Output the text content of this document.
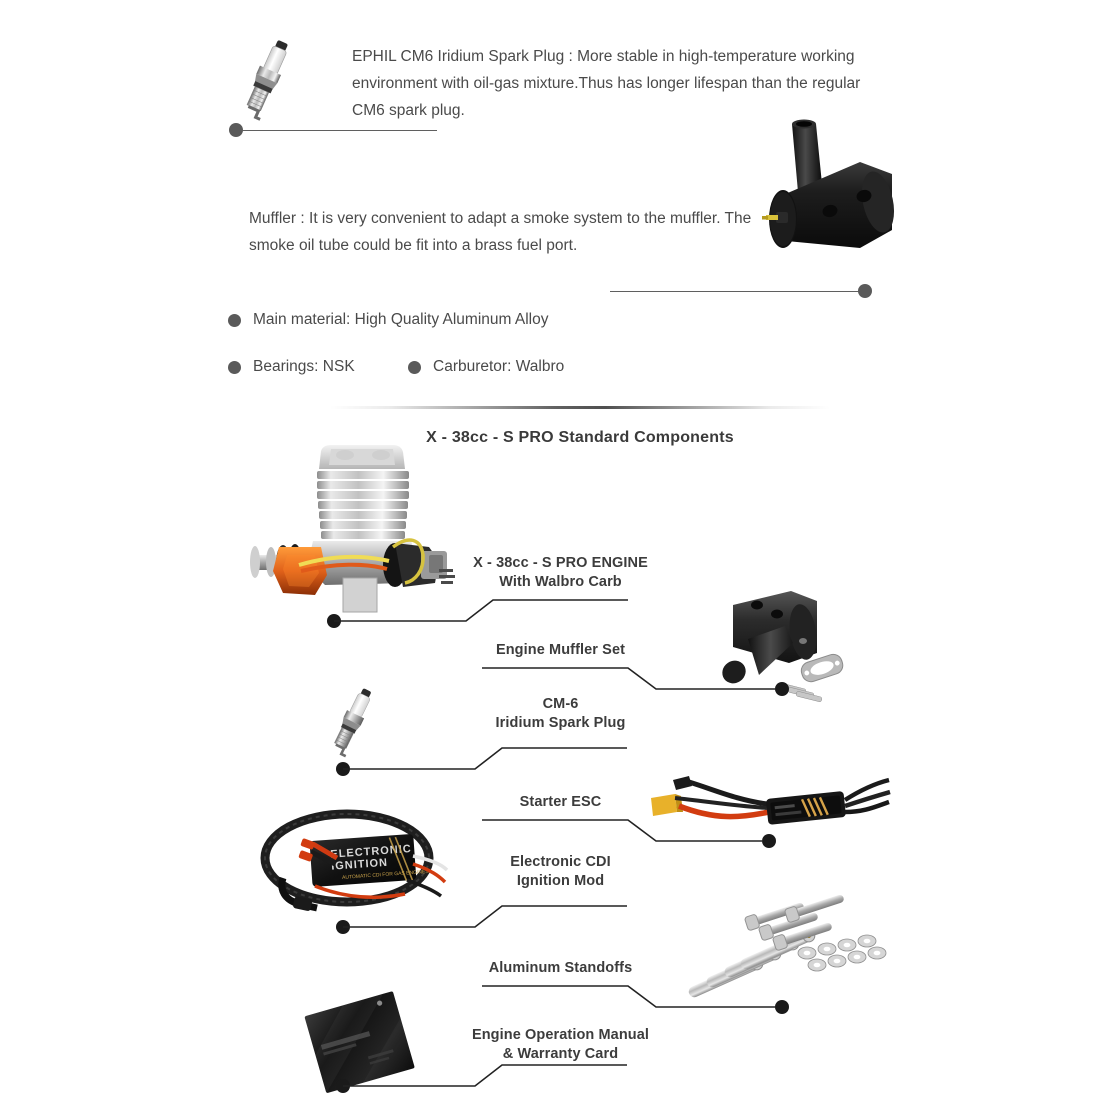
EPHIL CM6 Iridium Spark Plug : More stable in high-temperature working environment with oil-gas mixture.Thus has longer lifespan than the regular CM6 spark plug.
Muffler : It is very convenient to adapt a smoke system to the muffler. The smoke oil tube could be fit into a brass fuel port.
Main material: High Quality Aluminum Alloy
Bearings: NSK	Carburetor: Walbro
X - 38cc - S PRO Standard Components
X - 38cc - S PRO ENGINE
With Walbro Carb
Engine Muffler Set
CM-6
Iridium Spark Plug
Starter ESC
ELECTRONIC
IGNITION
AUTOMATIC CDI FOR GAS ENGINES
Electronic CDI
Ignition Mod
Aluminum Standoffs
Engine Operation Manual
& Warranty Card
